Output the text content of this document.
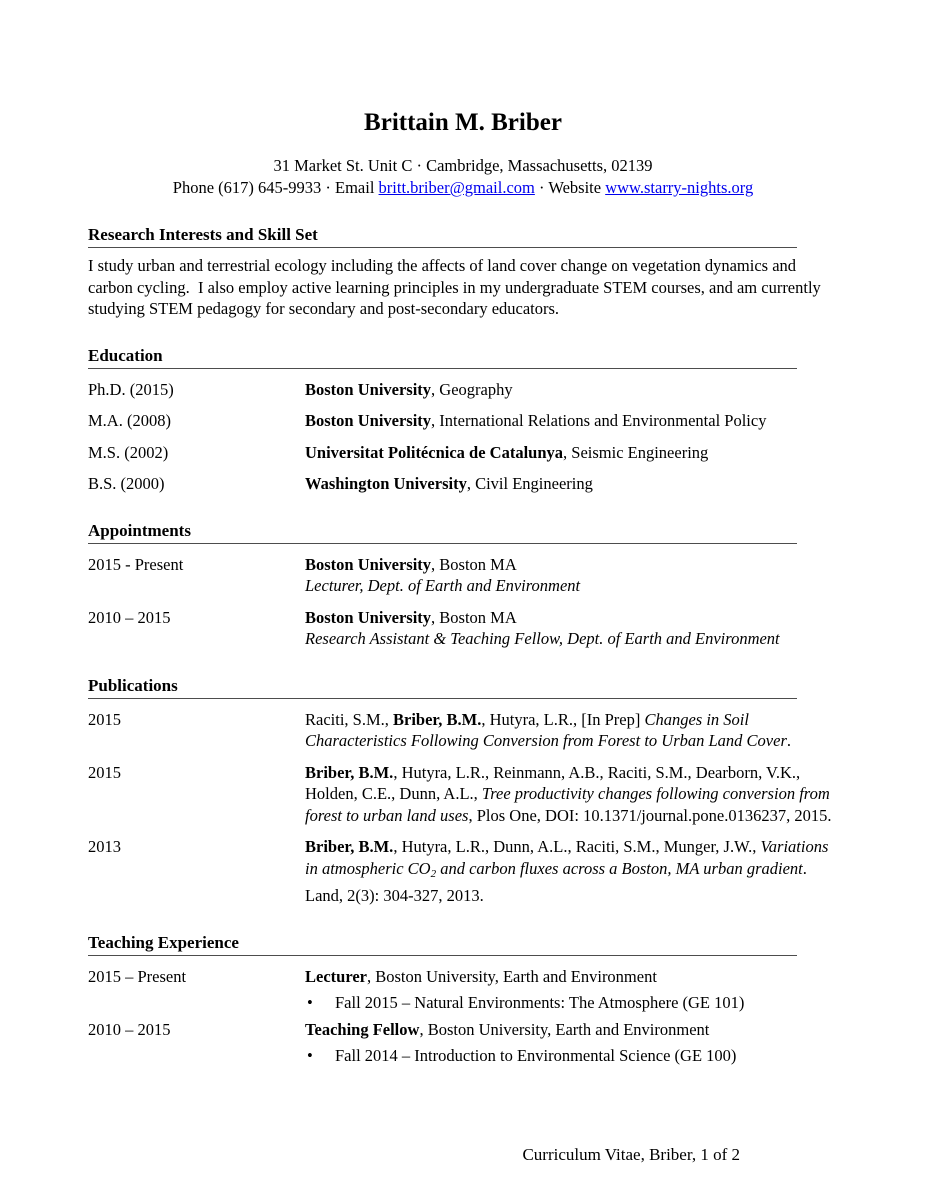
Brittain M. Briber
31 Market St. Unit C · Cambridge, Massachusetts, 02139
Phone (617) 645-9933 · Email britt.briber@gmail.com · Website www.starry-nights.org
Research Interests and Skill Set
I study urban and terrestrial ecology including the affects of land cover change on vegetation dynamics and carbon cycling.  I also employ active learning principles in my undergraduate STEM courses, and am currently studying STEM pedagogy for secondary and post-secondary educators.
Education
Ph.D. (2015)	Boston University, Geography
M.A. (2008)	Boston University, International Relations and Environmental Policy
M.S. (2002)	Universitat Politécnica de Catalunya, Seismic Engineering
B.S. (2000)	Washington University, Civil Engineering
Appointments
2015 - Present	Boston University, Boston MA
Lecturer, Dept. of Earth and Environment
2010 – 2015	Boston University, Boston MA
Research Assistant & Teaching Fellow, Dept. of Earth and Environment
Publications
2015	Raciti, S.M., Briber, B.M., Hutyra, L.R., [In Prep] Changes in Soil Characteristics Following Conversion from Forest to Urban Land Cover.
2015	Briber, B.M., Hutyra, L.R., Reinmann, A.B., Raciti, S.M., Dearborn, V.K., Holden, C.E., Dunn, A.L., Tree productivity changes following conversion from forest to urban land uses, Plos One, DOI: 10.1371/journal.pone.0136237, 2015.
2013	Briber, B.M., Hutyra, L.R., Dunn, A.L., Raciti, S.M., Munger, J.W., Variations in atmospheric $CO_2$ and carbon fluxes across a Boston, MA urban gradient. Land, 2(3): 304-327, 2013.
Teaching Experience
2015 – Present	Lecturer, Boston University, Earth and Environment
•	Fall 2015 – Natural Environments: The Atmosphere (GE 101)
2010 – 2015	Teaching Fellow, Boston University, Earth and Environment
•	Fall 2014 – Introduction to Environmental Science (GE 100)
Curriculum Vitae, Briber, 1 of 2
